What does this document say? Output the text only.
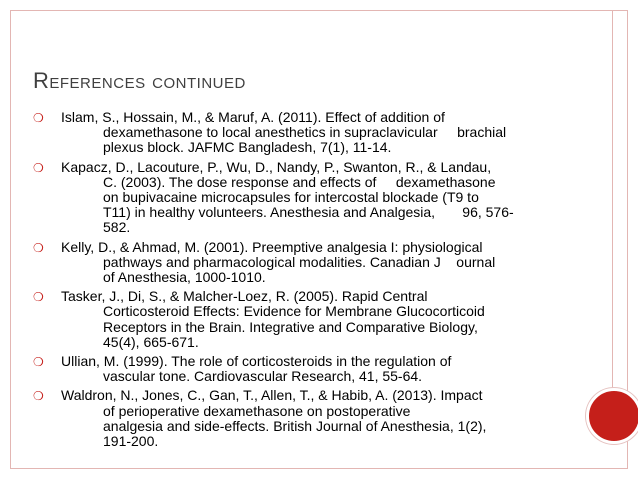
References continued
❍ Islam, S., Hossain, M., & Maruf, A. (2011). Effect of addition of
dexamethasone to local anesthetics in supraclavicular     brachial
plexus block. JAFMC Bangladesh, 7(1), 11-14.
❍ Kapacz, D., Lacouture, P., Wu, D., Nandy, P., Swanton, R., & Landau,
C. (2003). The dose response and effects of     dexamethasone
on bupivacaine microcapsules for intercostal blockade (T9 to
T11) in healthy volunteers. Anesthesia and Analgesia,       96, 576-
582.
❍ Kelly, D., & Ahmad, M. (2001). Preemptive analgesia I: physiological
pathways and pharmacological modalities. Canadian J    ournal
of Anesthesia, 1000-1010.
❍ Tasker, J., Di, S., & Malcher-Loez, R. (2005). Rapid Central
Corticosteroid Effects: Evidence for Membrane Glucocorticoid
Receptors in the Brain. Integrative and Comparative Biology,
45(4), 665-671.
❍ Ullian, M. (1999). The role of corticosteroids in the regulation of
vascular tone. Cardiovascular Research, 41, 55-64.
❍ Waldron, N., Jones, C., Gan, T., Allen, T., & Habib, A. (2013). Impact
of perioperative dexamethasone on postoperative
analgesia and side-effects. British Journal of Anesthesia, 1(2),
191-200.
